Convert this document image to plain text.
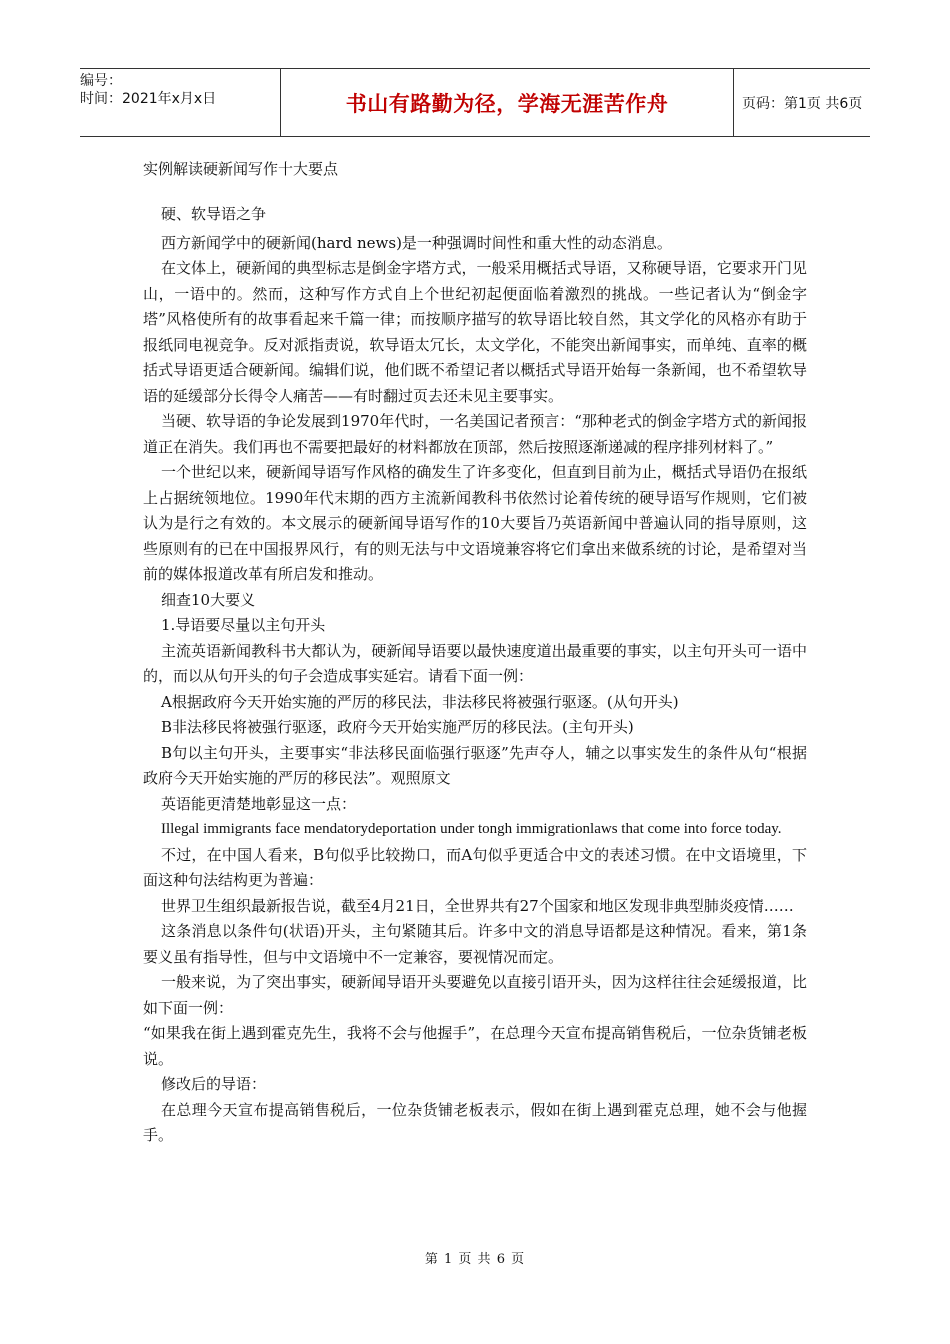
编号：
时间：2021年x月x日	书山有路勤为径，学海无涯苦作舟	页码：第1页 共6页

实例解读硬新闻写作十大要点

硬、软导语之争

西方新闻学中的硬新闻(hard news)是一种强调时间性和重大性的动态消息。

在文体上，硬新闻的典型标志是倒金字塔方式，一般采用概括式导语，又称硬导语，它要求开门见山，一语中的。然而，这种写作方式自上个世纪初起便面临着激烈的挑战。一些记者认为“倒金字塔”风格使所有的故事看起来千篇一律；而按顺序描写的软导语比较自然，其文学化的风格亦有助于报纸同电视竞争。反对派指责说，软导语太冗长，太文学化，不能突出新闻事实，而单纯、直率的概括式导语更适合硬新闻。编辑们说，他们既不希望记者以概括式导语开始每一条新闻，也不希望软导语的延缓部分长得令人痛苦——有时翻过页去还未见主要事实。

当硬、软导语的争论发展到1970年代时，一名美国记者预言：“那种老式的倒金字塔方式的新闻报道正在消失。我们再也不需要把最好的材料都放在顶部，然后按照逐渐递减的程序排列材料了。”

一个世纪以来，硬新闻导语写作风格的确发生了许多变化，但直到目前为止，概括式导语仍在报纸上占据统领地位。1990年代末期的西方主流新闻教科书依然讨论着传统的硬导语写作规则，它们被认为是行之有效的。本文展示的硬新闻导语写作的10大要旨乃英语新闻中普遍认同的指导原则，这些原则有的已在中国报界风行，有的则无法与中文语境兼容将它们拿出来做系统的讨论，是希望对当前的媒体报道改革有所启发和推动。

细查10大要义

1.导语要尽量以主句开头

主流英语新闻教科书大都认为，硬新闻导语要以最快速度道出最重要的事实，以主句开头可一语中的，而以从句开头的句子会造成事实延宕。请看下面一例：

A根据政府今天开始实施的严厉的移民法，非法移民将被强行驱逐。(从句开头)

B非法移民将被强行驱逐，政府今天开始实施严厉的移民法。(主句开头)

B句以主句开头，主要事实“非法移民面临强行驱逐”先声夺人，辅之以事实发生的条件从句“根据政府今天开始实施的严厉的移民法”。观照原文

英语能更清楚地彰显这一点：

Illegal immigrants face mendatorydeportation under tongh immigrationlaws that come into force today.

不过，在中国人看来，B句似乎比较拗口，而A句似乎更适合中文的表述习惯。在中文语境里，下面这种句法结构更为普遍：

世界卫生组织最新报告说，截至4月21日，全世界共有27个国家和地区发现非典型肺炎疫情……

这条消息以条件句(状语)开头，主句紧随其后。许多中文的消息导语都是这种情况。看来，第1条要义虽有指导性，但与中文语境中不一定兼容，要视情况而定。

一般来说，为了突出事实，硬新闻导语开头要避免以直接引语开头，因为这样往往会延缓报道，比如下面一例：

“如果我在街上遇到霍克先生，我将不会与他握手”，在总理今天宣布提高销售税后，一位杂货铺老板说。

修改后的导语：

在总理今天宣布提高销售税后，一位杂货铺老板表示，假如在街上遇到霍克总理，她不会与他握手。

第 1 页 共 6 页
